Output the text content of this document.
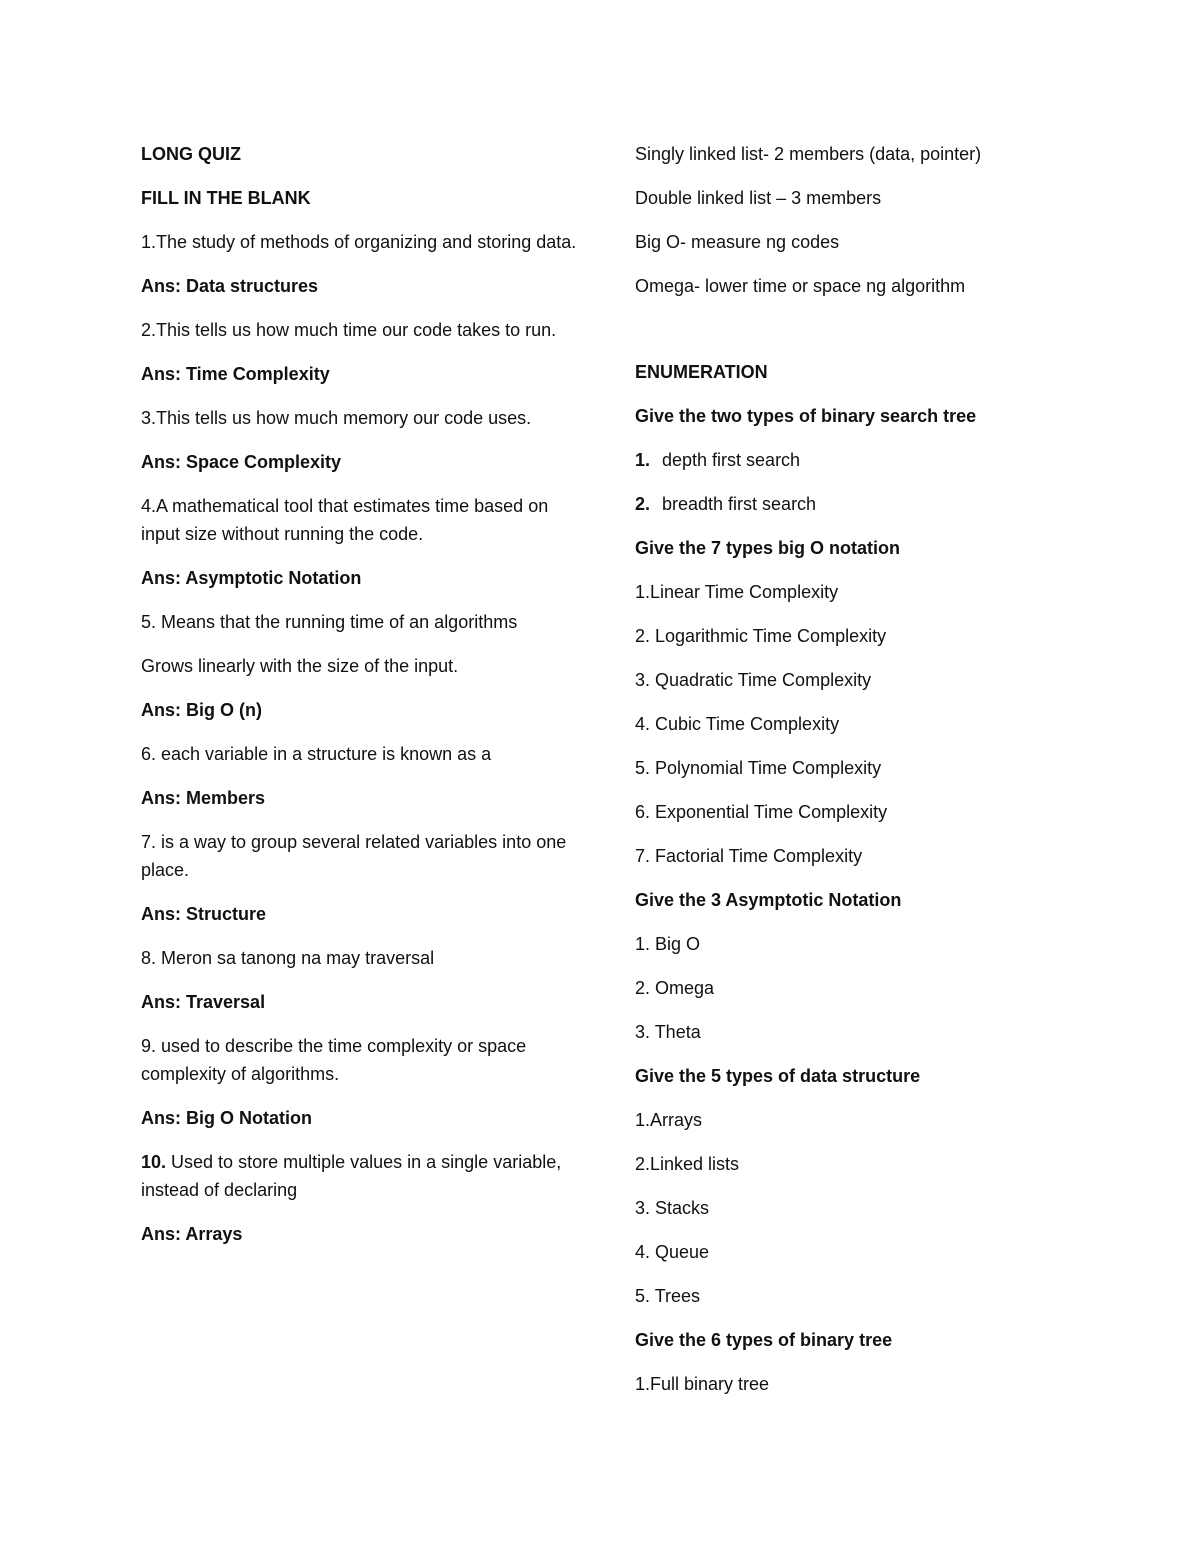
LONG QUIZ

FILL IN THE BLANK

1.The study of methods of organizing and storing data.

Ans: Data structures

2.This tells us how much time our code takes to run.

Ans: Time Complexity

3.This tells us how much memory our code uses.

Ans: Space Complexity

4.A mathematical tool that estimates time based on input size without running the code.

Ans: Asymptotic Notation

5. Means that the running time of an algorithms

Grows linearly with the size of the input.

Ans: Big O (n)

6. each variable in a structure is known as a

Ans: Members

7. is a way to group several related variables into one place.

Ans: Structure

8. Meron sa tanong na may traversal

Ans: Traversal

9. used to describe the time complexity or space complexity of algorithms.

Ans: Big O Notation

10. Used to store multiple values in a single variable, instead of declaring

Ans: Arrays

Singly linked list- 2 members (data, pointer)

Double linked list – 3 members

Big O- measure ng codes

Omega- lower time or space ng algorithm

ENUMERATION

Give the two types of binary search tree

1. depth first search

2. breadth first search

Give the 7 types big O notation

1.Linear Time Complexity

2. Logarithmic Time Complexity

3. Quadratic Time Complexity

4. Cubic Time Complexity

5. Polynomial Time Complexity

6. Exponential Time Complexity

7. Factorial Time Complexity

Give the 3 Asymptotic Notation

1. Big O

2. Omega

3. Theta

Give the 5 types of data structure

1.Arrays

2.Linked lists

3. Stacks

4. Queue

5. Trees

Give the 6 types of binary tree

1.Full binary tree
